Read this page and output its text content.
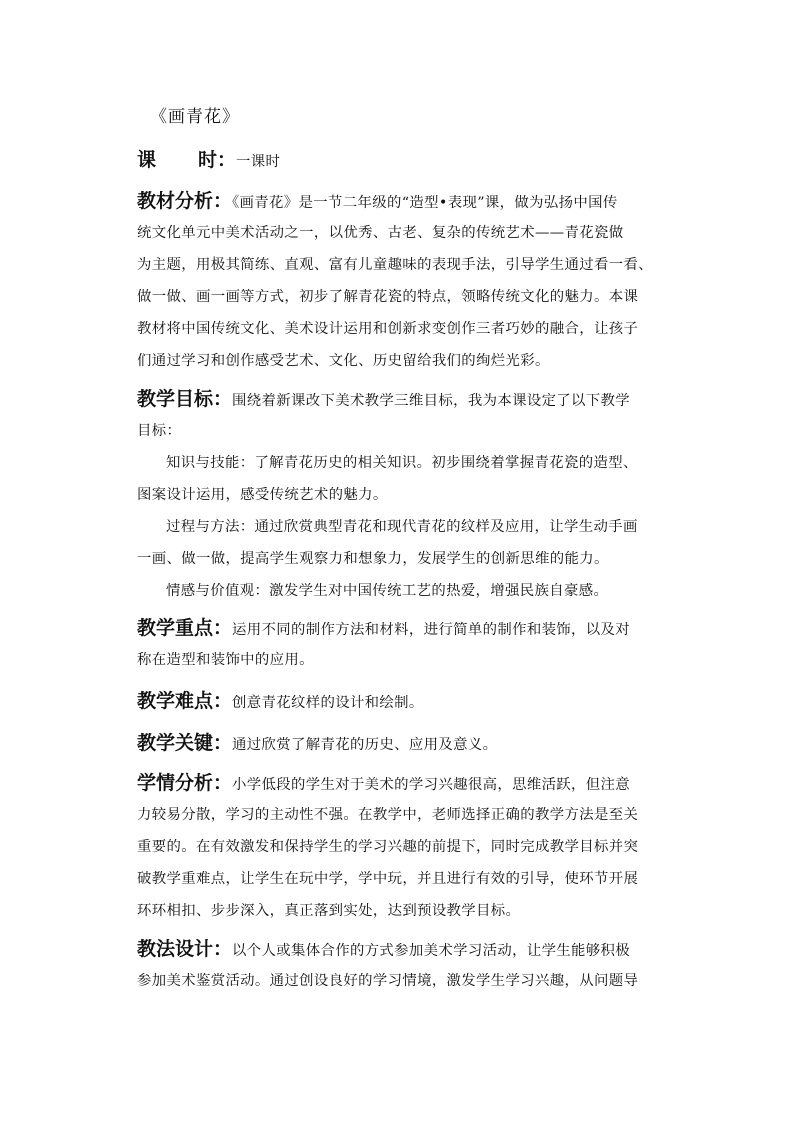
《画青花》
课 时：一课时
教材分析：《画青花》是一节二年级的“造型•表现”课，做为弘扬中国传
统文化单元中美术活动之一，以优秀、古老、复杂的传统艺术——青花瓷做
为主题，用极其简练、直观、富有儿童趣味的表现手法，引导学生通过看一看、
做一做、画一画等方式，初步了解青花瓷的特点，领略传统文化的魅力。本课
教材将中国传统文化、美术设计运用和创新求变创作三者巧妙的融合，让孩子
们通过学习和创作感受艺术、文化、历史留给我们的绚烂光彩。
教学目标：围绕着新课改下美术教学三维目标，我为本课设定了以下教学
目标：
知识与技能：了解青花历史的相关知识。初步围绕着掌握青花瓷的造型、
图案设计运用，感受传统艺术的魅力。
过程与方法：通过欣赏典型青花和现代青花的纹样及应用，让学生动手画
一画、做一做，提高学生观察力和想象力，发展学生的创新思维的能力。
情感与价值观：激发学生对中国传统工艺的热爱，增强民族自豪感。
教学重点：运用不同的制作方法和材料，进行简单的制作和装饰，以及对
称在造型和装饰中的应用。
教学难点：创意青花纹样的设计和绘制。
教学关键：通过欣赏了解青花的历史、应用及意义。
学情分析：小学低段的学生对于美术的学习兴趣很高，思维活跃，但注意
力较易分散，学习的主动性不强。在教学中，老师选择正确的教学方法是至关
重要的。在有效激发和保持学生的学习兴趣的前提下，同时完成教学目标并突
破教学重难点，让学生在玩中学，学中玩，并且进行有效的引导，使环节开展
环环相扣、步步深入，真正落到实处，达到预设教学目标。
教法设计：以个人或集体合作的方式参加美术学习活动，让学生能够积极
参加美术鉴赏活动。通过创设良好的学习情境，激发学生学习兴趣，从问题导
